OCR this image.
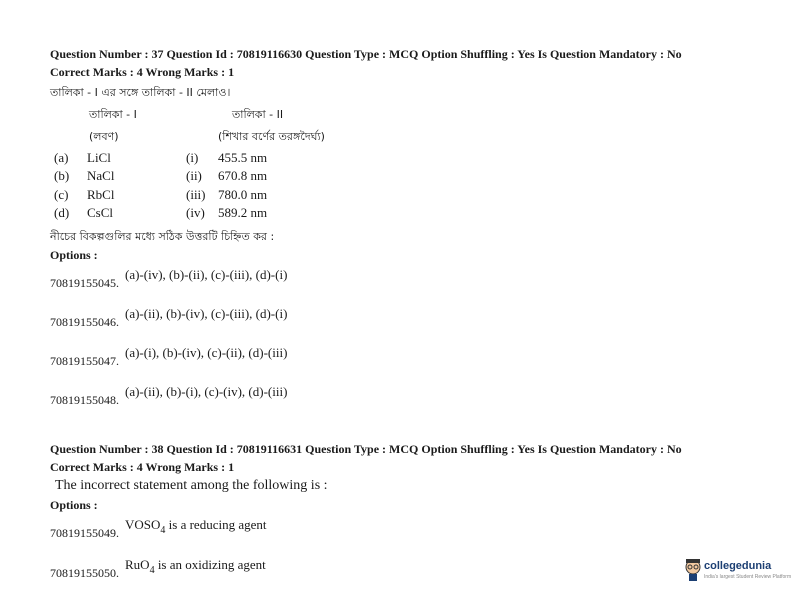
Question Number : 37 Question Id : 70819116630 Question Type : MCQ Option Shuffling : Yes Is Question Mandatory : No
Correct Marks : 4 Wrong Marks : 1
তালিকা - I এর সঙ্গে তালিকা - II মেলাও।
তালিকা - I	তালিকা - II
(লবণ)	(শিখার বর্ণের তরঙ্গদৈর্ঘ্য)
(a) LiCl	(i) 455.5 nm
(b) NaCl	(ii) 670.8 nm
(c) RbCl	(iii) 780.0 nm
(d) CsCl	(iv) 589.2 nm
নীচের বিকল্পগুলির মধ্যে সঠিক উত্তরটি চিহ্নিত কর :
Options :
$_{70819155045.}$ (a)-(iv), (b)-(ii), (c)-(iii), (d)-(i)
$_{70819155046.}$ (a)-(ii), (b)-(iv), (c)-(iii), (d)-(i)
$_{70819155047.}$ (a)-(i), (b)-(iv), (c)-(ii), (d)-(iii)
$_{70819155048.}$ (a)-(ii), (b)-(i), (c)-(iv), (d)-(iii)
Question Number : 38 Question Id : 70819116631 Question Type : MCQ Option Shuffling : Yes Is Question Mandatory : No
Correct Marks : 4 Wrong Marks : 1
The incorrect statement among the following is :
Options :
$_{70819155049.}$ $VOSO_4$ is a reducing agent
$_{70819155050.}$ RuO$_4$ is an oxidizing agent	collegedunia
India's largest Student Review Platform
